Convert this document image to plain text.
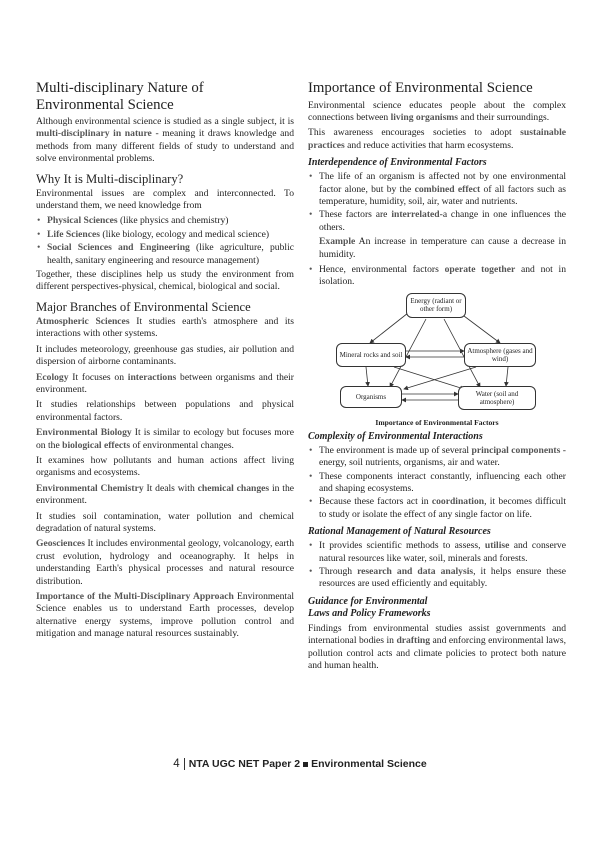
Multi-disciplinary Nature of Environmental Science

Although environmental science is studied as a single subject, it is multi-disciplinary in nature - meaning it draws knowledge and methods from many different fields of study to understand and solve environmental problems.

Why It is Multi-disciplinary?

Environmental issues are complex and interconnected. To understand them, we need knowledge from

• Physical Sciences (like physics and chemistry)
• Life Sciences (like biology, ecology and medical science)
• Social Sciences and Engineering (like agriculture, public health, sanitary engineering and resource management)

Together, these disciplines help us study the environment from different perspectives-physical, chemical, biological and social.

Major Branches of Environmental Science

Atmospheric Sciences It studies earth's atmosphere and its interactions with other systems.

It includes meteorology, greenhouse gas studies, air pollution and dispersion of airborne contaminants.

Ecology It focuses on interactions between organisms and their environment.

It studies relationships between populations and physical environmental factors.

Environmental Biology It is similar to ecology but focuses more on the biological effects of environmental changes.

It examines how pollutants and human actions affect living organisms and ecosystems.

Environmental Chemistry It deals with chemical changes in the environment.

It studies soil contamination, water pollution and chemical degradation of natural systems.

Geosciences It includes environmental geology, volcanology, earth crust evolution, hydrology and oceanography. It helps in understanding Earth's physical processes and natural resource distribution.

Importance of the Multi-Disciplinary Approach Environmental Science enables us to understand Earth processes, develop alternative energy systems, improve pollution control and mitigation and manage natural resources sustainably.

Importance of Environmental Science

Environmental science educates people about the complex connections between living organisms and their surroundings.

This awareness encourages societies to adopt sustainable practices and reduce activities that harm ecosystems.

Interdependence of Environmental Factors
• The life of an organism is affected not by one environmental factor alone, but by the combined effect of all factors such as temperature, humidity, soil, air, water and nutrients.
• These factors are interrelated-a change in one influences the others.

Example An increase in temperature can cause a decrease in humidity.

• Hence, environmental factors operate together and not in isolation.
Energy (radiant or other form)
Mineral rocks and soil	Atmosphere (gases and wind)
Organisms	Water (soil and atmosphere)
Importance of Environmental Factors
Complexity of Environmental Interactions
• The environment is made up of several principal components - energy, soil nutrients, organisms, air and water.
• These components interact constantly, influencing each other and shaping ecosystems.
• Because these factors act in coordination, it becomes difficult to study or isolate the effect of any single factor on life.
Rational Management of Natural Resources
• It provides scientific methods to assess, utilise and conserve natural resources like water, soil, minerals and forests.
• Through research and data analysis, it helps ensure these resources are used efficiently and equitably.
Guidance for Environmental
Laws and Policy Frameworks

Findings from environmental studies assist governments and international bodies in drafting and enforcing environmental laws, pollution control acts and climate policies to protect both nature and human health.

4 NTA UGC NET Paper 2 Environmental Science
